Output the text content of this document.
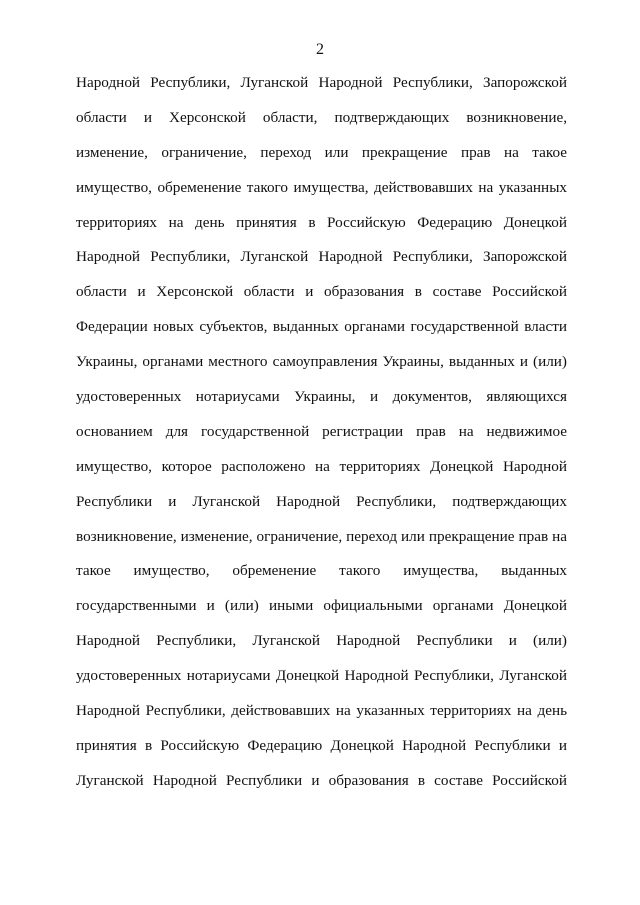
2
Народной Республики, Луганской Народной Республики, Запорожской
области и Херсонской области, подтверждающих возникновение,
изменение, ограничение, переход или прекращение прав на такое
имущество, обременение такого имущества, действовавших на указанных
территориях на день принятия в Российскую Федерацию Донецкой
Народной Республики, Луганской Народной Республики, Запорожской
области и Херсонской области и образования в составе Российской
Федерации новых субъектов, выданных органами государственной власти
Украины, органами местного самоуправления Украины, выданных и (или)
удостоверенных нотариусами Украины, и документов, являющихся
основанием для государственной регистрации прав на недвижимое
имущество, которое расположено на территориях Донецкой Народной
Республики и Луганской Народной Республики, подтверждающих
возникновение, изменение, ограничение, переход или прекращение прав на
такое имущество, обременение такого имущества, выданных
государственными и (или) иными официальными органами Донецкой
Народной Республики, Луганской Народной Республики и (или)
удостоверенных нотариусами Донецкой Народной Республики, Луганской
Народной Республики, действовавших на указанных территориях на день
принятия в Российскую Федерацию Донецкой Народной Республики и
Луганской Народной Республики и образования в составе Российской
